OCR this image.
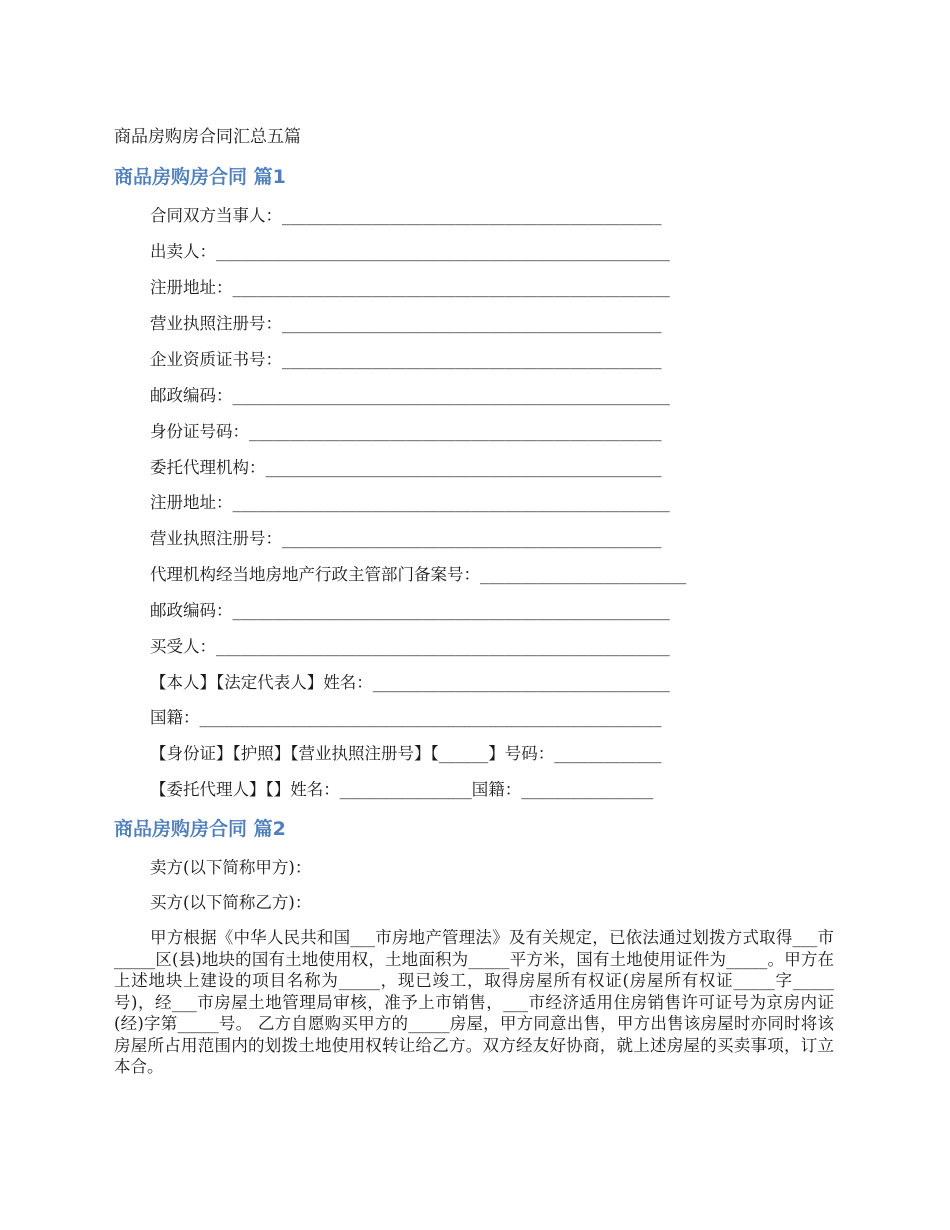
商品房购房合同汇总五篇
商品房购房合同 篇1
合同双方当事人：______________________________________________
出卖人：_______________________________________________________
注册地址：_____________________________________________________
营业执照注册号：______________________________________________
企业资质证书号：______________________________________________
邮政编码：_____________________________________________________
身份证号码：__________________________________________________
委托代理机构：________________________________________________
注册地址：_____________________________________________________
营业执照注册号：______________________________________________
代理机构经当地房地产行政主管部门备案号：_________________________
邮政编码：_____________________________________________________
买受人：_______________________________________________________
【本人】【法定代表人】姓名：____________________________________
国籍：________________________________________________________
【身份证】【护照】【营业执照注册号】【______】号码：_____________
【委托代理人】【】姓名：________________国籍：________________
商品房购房合同 篇2
卖方(以下简称甲方)：
买方(以下简称乙方)：
甲方根据《中华人民共和国___市房地产管理法》及有关规定，已依法通过划拨方式取得___市_____区(县)地块的国有土地使用权，土地面积为_____平方米，国有土地使用证件为_____。甲方在上述地块上建设的项目名称为_____，现已竣工，取得房屋所有权证(房屋所有权证_____字_____号)，经___市房屋土地管理局审核，准予上市销售，___市经济适用住房销售许可证号为京房内证(经)字第_____号。 乙方自愿购买甲方的_____房屋，甲方同意出售，甲方出售该房屋时亦同时将该房屋所占用范围内的划拨土地使用权转让给乙方。双方经友好协商，就上述房屋的买卖事项，订立本合。
